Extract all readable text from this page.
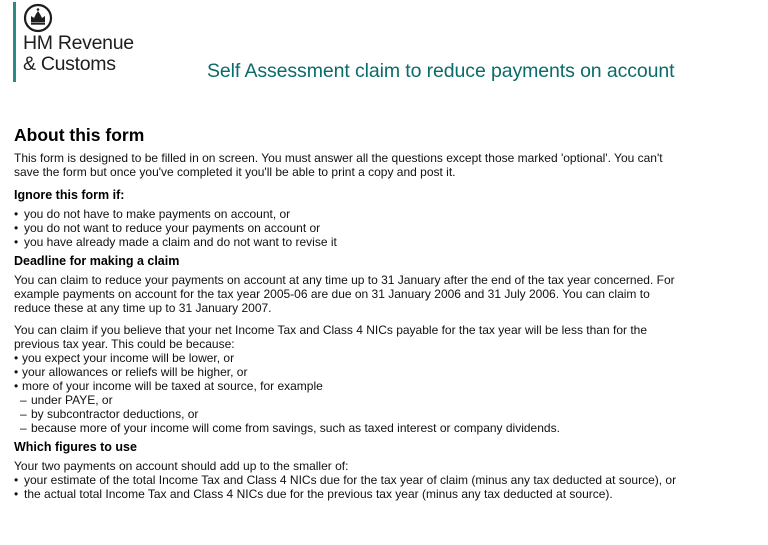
HM Revenue
& Customs	Self Assessment claim to reduce payments on account
About this form

This form is designed to be filled in on screen. You must answer all the questions except those marked 'optional'. You can't
save the form but once you've completed it you'll be able to print a copy and post it.

Ignore this form if:
• you do not have to make payments on account, or
• you do not want to reduce your payments on account or
• you have already made a claim and do not want to revise it
Deadline for making a claim

You can claim to reduce your payments on account at any time up to 31 January after the end of the tax year concerned. For
example payments on account for the tax year 2005-06 are due on 31 January 2006 and 31 July 2006. You can claim to
reduce these at any time up to 31 January 2007.

You can claim if you believe that your net Income Tax and Class 4 NICs payable for the tax year will be less than for the
previous tax year. This could be because:

• you expect your income will be lower, or
• your allowances or reliefs will be higher, or
• more of your income will be taxed at source, for example
– under PAYE, or
– by subcontractor deductions, or
– because more of your income will come from savings, such as taxed interest or company dividends.
Which figures to use

Your two payments on account should add up to the smaller of:

• your estimate of the total Income Tax and Class 4 NICs due for the tax year of claim (minus any tax deducted at source), or
• the actual total Income Tax and Class 4 NICs due for the previous tax year (minus any tax deducted at source).
